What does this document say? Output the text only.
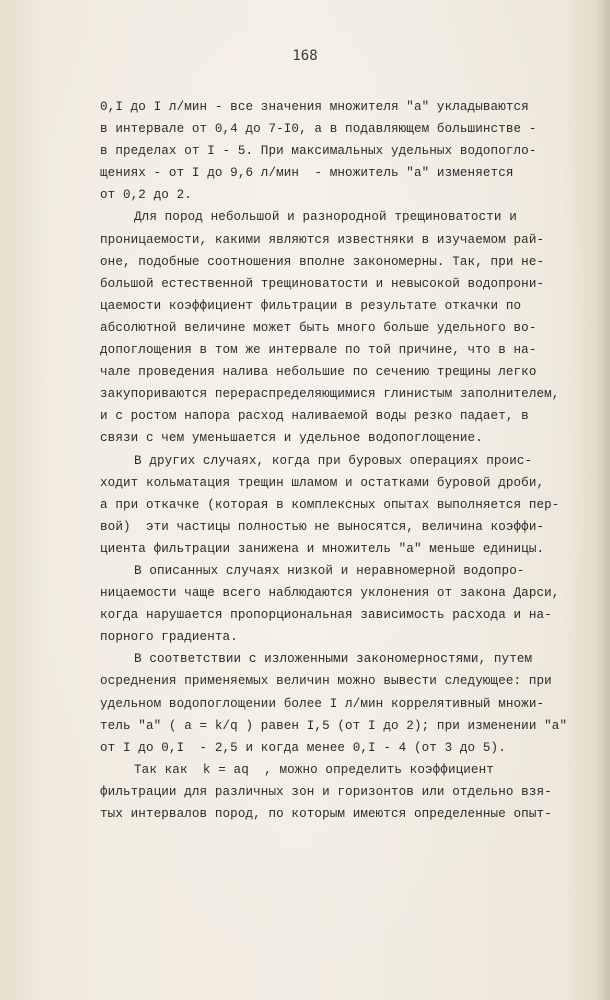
168
0,I до I л/мин - все значения множителя "a" укладываются
в интервале от 0,4 до 7-I0, а в подавляющем большинстве -
в пределах от I - 5. При максимальных удельных водопогло-
щениях - от I до 9,6 л/мин  - множитель "a" изменяется
от 0,2 до 2.
Для пород небольшой и разнородной трещиноватости и
проницаемости, какими являются известняки в изучаемом рай-
оне, подобные соотношения вполне закономерны. Так, при не-
большой естественной трещиноватости и невысокой водопрони-
цаемости коэффициент фильтрации в результате откачки по
абсолютной величине может быть много больше удельного во-
допоглощения в том же интервале по той причине, что в на-
чале проведения налива небольшие по сечению трещины легко
закупориваются перераспределяющимися глинистым заполнителем,
и с ростом напора расход наливаемой воды резко падает, в
связи с чем уменьшается и удельное водопоглощение.
В других случаях, когда при буровых операциях проис-
ходит кольматация трещин шламом и остатками буровой дроби,
а при откачке (которая в комплексных опытах выполняется пер-
вой)  эти частицы полностью не выносятся, величина коэффи-
циента фильтрации занижена и множитель "a" меньше единицы.
В описанных случаях низкой и неравномерной водопро-
ницаемости чаще всего наблюдаются уклонения от закона Дарси,
когда нарушается пропорциональная зависимость расхода и на-
порного градиента.
В соответствии с изложенными закономерностями, путем
осреднения применяемых величин можно вывести следующее: при
удельном водопоглощении более I л/мин коррелятивный множи-
тель "a" ( a = k/q ) равен I,5 (от I до 2); при изменении "a"
от I до 0,I  - 2,5 и когда менее 0,I - 4 (от 3 до 5).
Так как  k = aq  , можно определить коэффициент
фильтрации для различных зон и горизонтов или отдельно взя-
тых интервалов пород, по которым имеются определенные опыт-
